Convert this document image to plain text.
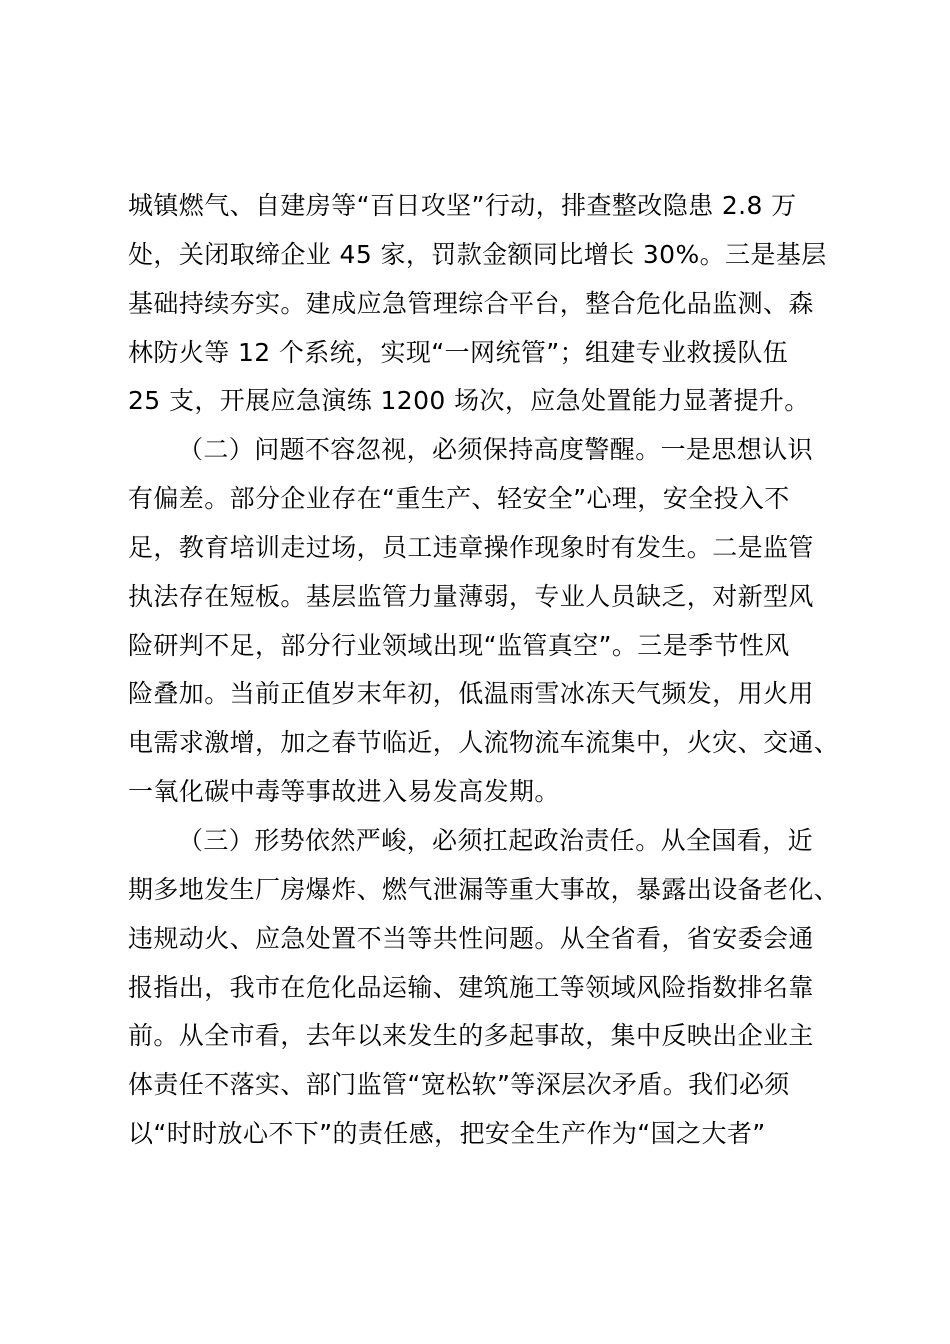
城镇燃气、自建房等“百日攻坚”行动，排查整改隐患 2.8 万
处，关闭取缔企业 45 家，罚款金额同比增长 30%。三是基层
基础持续夯实。建成应急管理综合平台，整合危化品监测、森
林防火等 12 个系统，实现“一网统管”；组建专业救援队伍
25 支，开展应急演练 1200 场次，应急处置能力显著提升。
（二）问题不容忽视，必须保持高度警醒。一是思想认识
有偏差。部分企业存在“重生产、轻安全”心理，安全投入不
足，教育培训走过场，员工违章操作现象时有发生。二是监管
执法存在短板。基层监管力量薄弱，专业人员缺乏，对新型风
险研判不足，部分行业领域出现“监管真空”。三是季节性风
险叠加。当前正值岁末年初，低温雨雪冰冻天气频发，用火用
电需求激增，加之春节临近，人流物流车流集中，火灾、交通、
一氧化碳中毒等事故进入易发高发期。
（三）形势依然严峻，必须扛起政治责任。从全国看，近
期多地发生厂房爆炸、燃气泄漏等重大事故，暴露出设备老化、
违规动火、应急处置不当等共性问题。从全省看，省安委会通
报指出，我市在危化品运输、建筑施工等领域风险指数排名靠
前。从全市看，去年以来发生的多起事故，集中反映出企业主
体责任不落实、部门监管“宽松软”等深层次矛盾。我们必须
以“时时放心不下”的责任感，把安全生产作为“国之大者”
